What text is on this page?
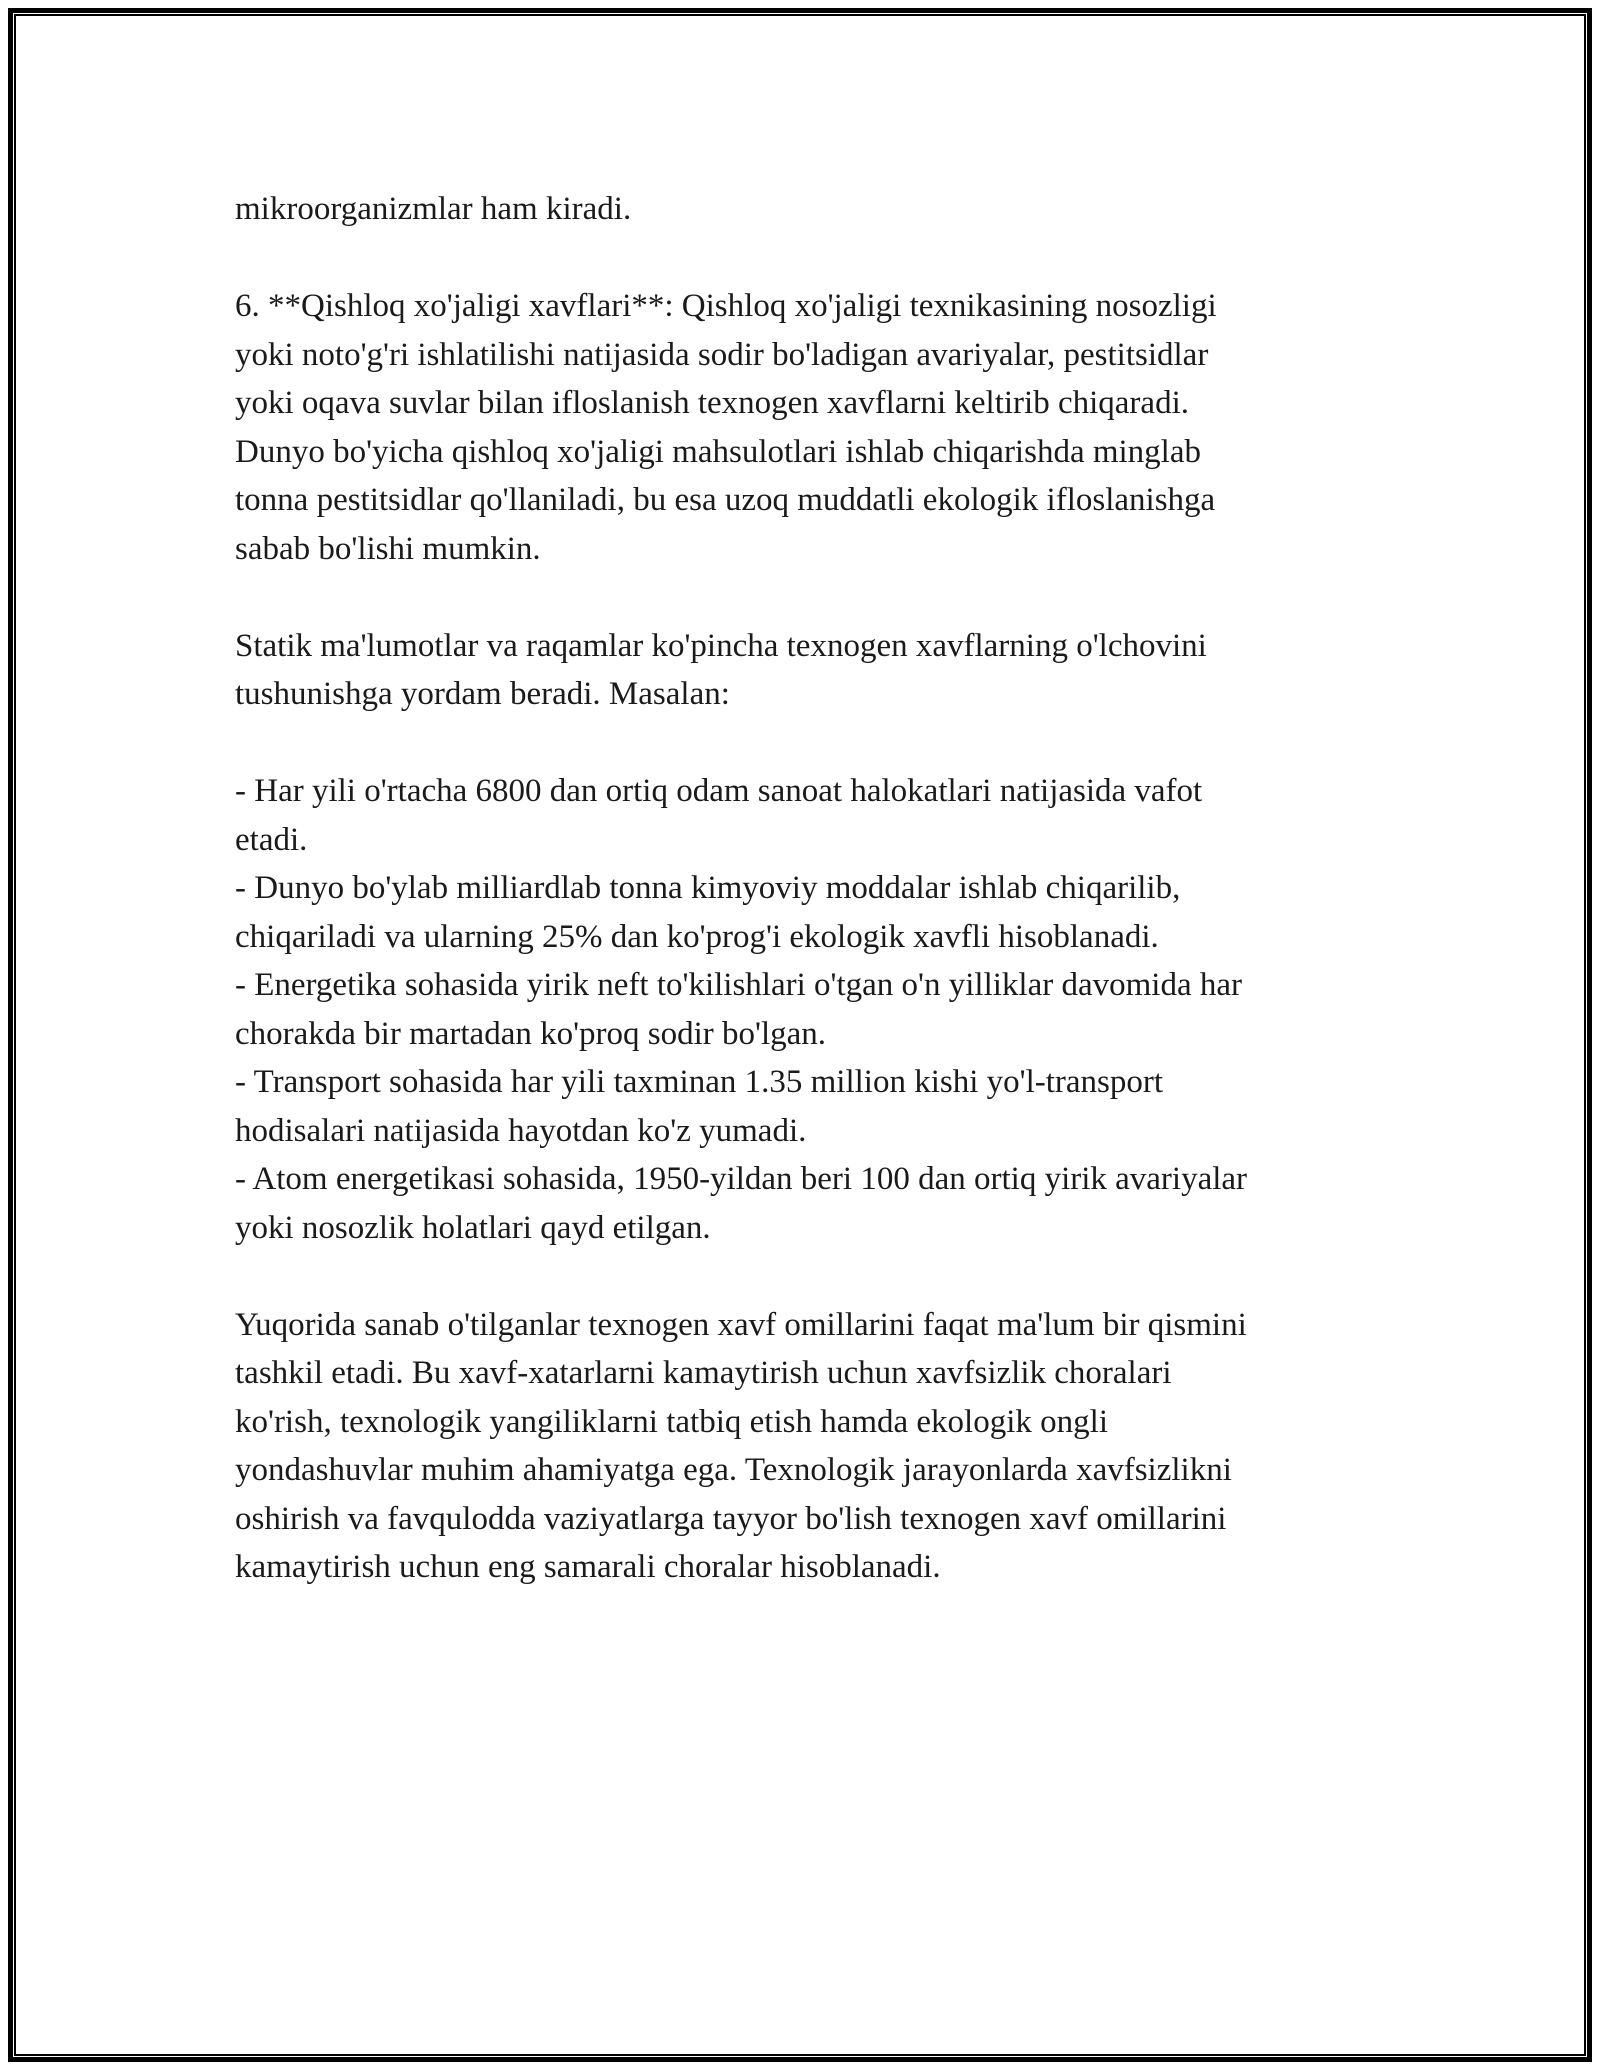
mikroorganizmlar ham kiradi.

6. **Qishloq xo'jaligi xavflari**: Qishloq xo'jaligi texnikasining nosozligi
yoki noto'g'ri ishlatilishi natijasida sodir bo'ladigan avariyalar, pestitsidlar
yoki oqava suvlar bilan ifloslanish texnogen xavflarni keltirib chiqaradi.
Dunyo bo'yicha qishloq xo'jaligi mahsulotlari ishlab chiqarishda minglab
tonna pestitsidlar qo'llaniladi, bu esa uzoq muddatli ekologik ifloslanishga
sabab bo'lishi mumkin.

Statik ma'lumotlar va raqamlar ko'pincha texnogen xavflarning o'lchovini
tushunishga yordam beradi. Masalan:

- Har yili o'rtacha 6800 dan ortiq odam sanoat halokatlari natijasida vafot
etadi.
- Dunyo bo'ylab milliardlab tonna kimyoviy moddalar ishlab chiqarilib,
chiqariladi va ularning 25% dan ko'prog'i ekologik xavfli hisoblanadi.
- Energetika sohasida yirik neft to'kilishlari o'tgan o'n yilliklar davomida har
chorakda bir martadan ko'proq sodir bo'lgan.
- Transport sohasida har yili taxminan 1.35 million kishi yo'l-transport
hodisalari natijasida hayotdan ko'z yumadi.
- Atom energetikasi sohasida, 1950-yildan beri 100 dan ortiq yirik avariyalar
yoki nosozlik holatlari qayd etilgan.

Yuqorida sanab o'tilganlar texnogen xavf omillarini faqat ma'lum bir qismini
tashkil etadi. Bu xavf-xatarlarni kamaytirish uchun xavfsizlik choralari
ko'rish, texnologik yangiliklarni tatbiq etish hamda ekologik ongli
yondashuvlar muhim ahamiyatga ega. Texnologik jarayonlarda xavfsizlikni
oshirish va favqulodda vaziyatlarga tayyor bo'lish texnogen xavf omillarini
kamaytirish uchun eng samarali choralar hisoblanadi.
